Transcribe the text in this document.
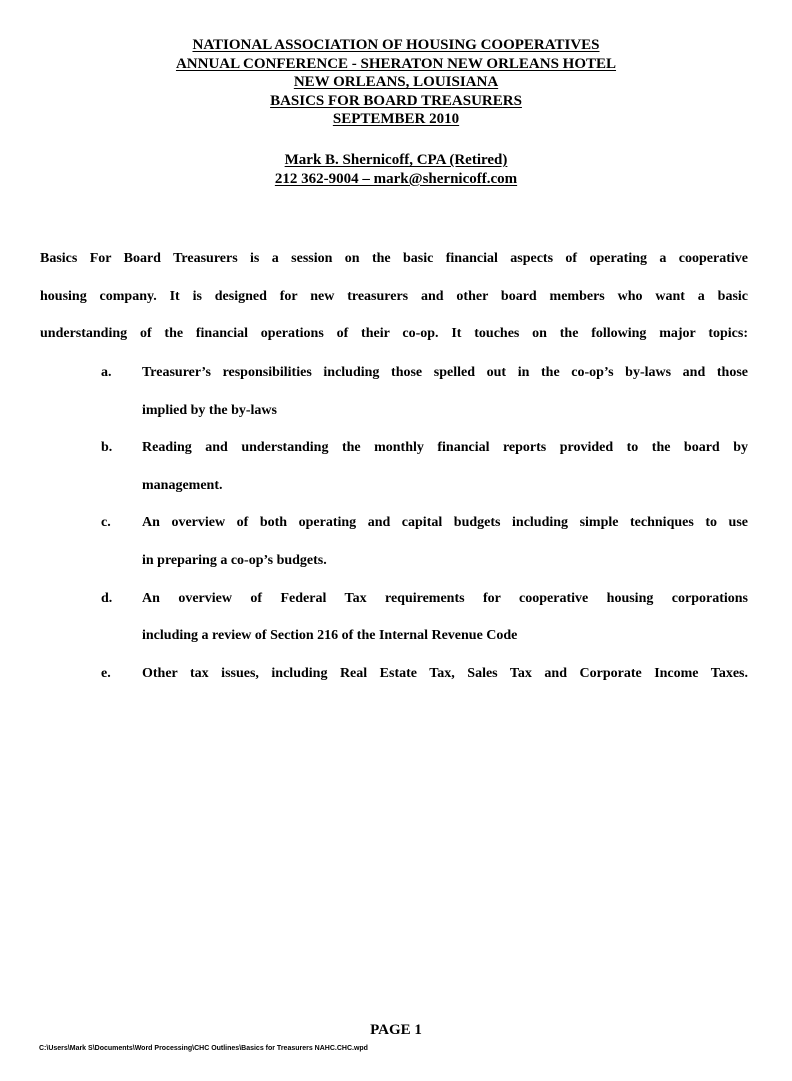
NATIONAL ASSOCIATION OF HOUSING COOPERATIVES
ANNUAL CONFERENCE - SHERATON NEW ORLEANS HOTEL
NEW ORLEANS, LOUISIANA
BASICS FOR BOARD TREASURERS
SEPTEMBER 2010
Mark B. Shernicoff, CPA (Retired)
212 362-9004 – mark@shernicoff.com
Basics For Board Treasurers is a session on the basic financial aspects of operating a cooperative
housing company. It is designed for new treasurers and other board members who want a basic
understanding of the financial operations of their co-op. It touches on the following major topics:
a. Treasurer’s responsibilities including those spelled out in the co-op’s by-laws and those
implied by the by-laws
b. Reading and understanding the monthly financial reports provided to the board by
management.
c. An overview of both operating and capital budgets including simple techniques to use
in preparing a co-op’s budgets.
d. An overview of Federal Tax requirements for cooperative housing corporations
including a review of Section 216 of the Internal Revenue Code
e. Other tax issues, including Real Estate Tax, Sales Tax and Corporate Income Taxes.
PAGE 1
C:\Users\Mark S\Documents\Word Processing\CHC Outlines\Basics for Treasurers NAHC.CHC.wpd
